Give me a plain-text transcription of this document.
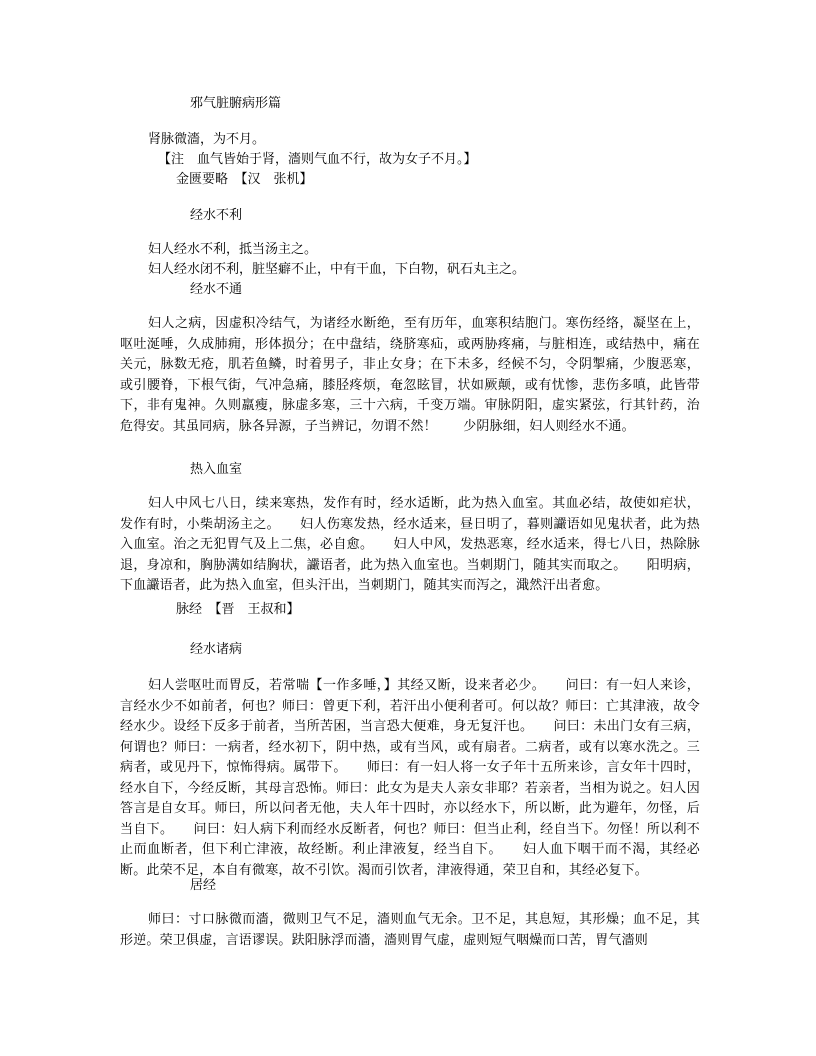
邪气脏腑病形篇
肾脉微濇，为不月。
【注　血气皆始于肾，濇则气血不行，故为女子不月。】
金匮要略　【汉　张机】
经水不利
妇人经水不利，抵当汤主之。
妇人经水闭不利，脏坚癖不止，中有干血，下白物，矾石丸主之。
经水不通
妇人之病，因虚积冷结气，为诸经水断绝，至有历年，血寒积结胞门。寒伤经络，凝坚在上，呕吐涎唾，久成肺痈，形体损分；在中盘结，绕脐寒疝，或两胁疼痛，与脏相连，或结热中，痛在关元，脉数无疮，肌若鱼鳞，时着男子，非止女身；在下未多，经候不匀，令阴掣痛，少腹恶寒，或引腰脊，下根气街，气冲急痛，膝胫疼烦，奄忽眩冒，状如厥颠，或有忧惨，悲伤多嗔，此皆带下，非有鬼神。久则羸瘦，脉虚多寒，三十六病，千变万端。审脉阴阳，虚实紧弦，行其针药，治危得安。其虽同病，脉各异源，子当辨记，勿谓不然！　　少阴脉细，妇人则经水不通。
热入血室
妇人中风七八日，续来寒热，发作有时，经水适断，此为热入血室。其血必结，故使如疟状，发作有时，小柴胡汤主之。　　妇人伤寒发热，经水适来，昼日明了，暮则讝语如见鬼状者，此为热入血室。治之无犯胃气及上二焦，必自愈。　　妇人中风，发热恶寒，经水适来，得七八日，热除脉退，身凉和，胸胁满如结胸状，讝语者，此为热入血室也。当刺期门，随其实而取之。　　阳明病，下血讝语者，此为热入血室，但头汗出，当刺期门，随其实而泻之，濈然汗出者愈。
脉经　【晋　王叔和】
经水诸病
妇人尝呕吐而胃反，若常喘【一作多唾，】其经又断，设来者必少。　　问曰：有一妇人来诊，言经水少不如前者，何也？师曰：曾更下利，若汗出小便利者可。何以故？师曰：亡其津液，故令经水少。设经下反多于前者，当所苦困，当言恐大便难，身无复汗也。　　问曰：未出门女有三病，何谓也？师曰：一病者，经水初下，阴中热，或有当风，或有扇者。二病者，或有以寒水洗之。三病者，或见丹下，惊怖得病。属带下。　　师曰：有一妇人将一女子年十五所来诊，言女年十四时，经水自下，今经反断，其母言恐怖。师曰：此女为是夫人亲女非耶？若亲者，当相为说之。妇人因答言是自女耳。师曰，所以问者无他，夫人年十四时，亦以经水下，所以断，此为避年，勿怪，后当自下。　　问曰：妇人病下利而经水反断者，何也？师曰：但当止利，经自当下。勿怪！所以利不止而血断者，但下利亡津液，故经断。利止津液复，经当自下。　　妇人血下咽干而不渴，其经必断。此荣不足，本自有微寒，故不引饮。渴而引饮者，津液得通，荣卫自和，其经必复下。
居经
师曰：寸口脉微而濇，微则卫气不足，濇则血气无余。卫不足，其息短，其形燥；血不足，其形逆。荣卫俱虚，言语谬误。趺阳脉浮而濇，濇则胃气虚，虚则短气咽燥而口苦，胃气濇则
